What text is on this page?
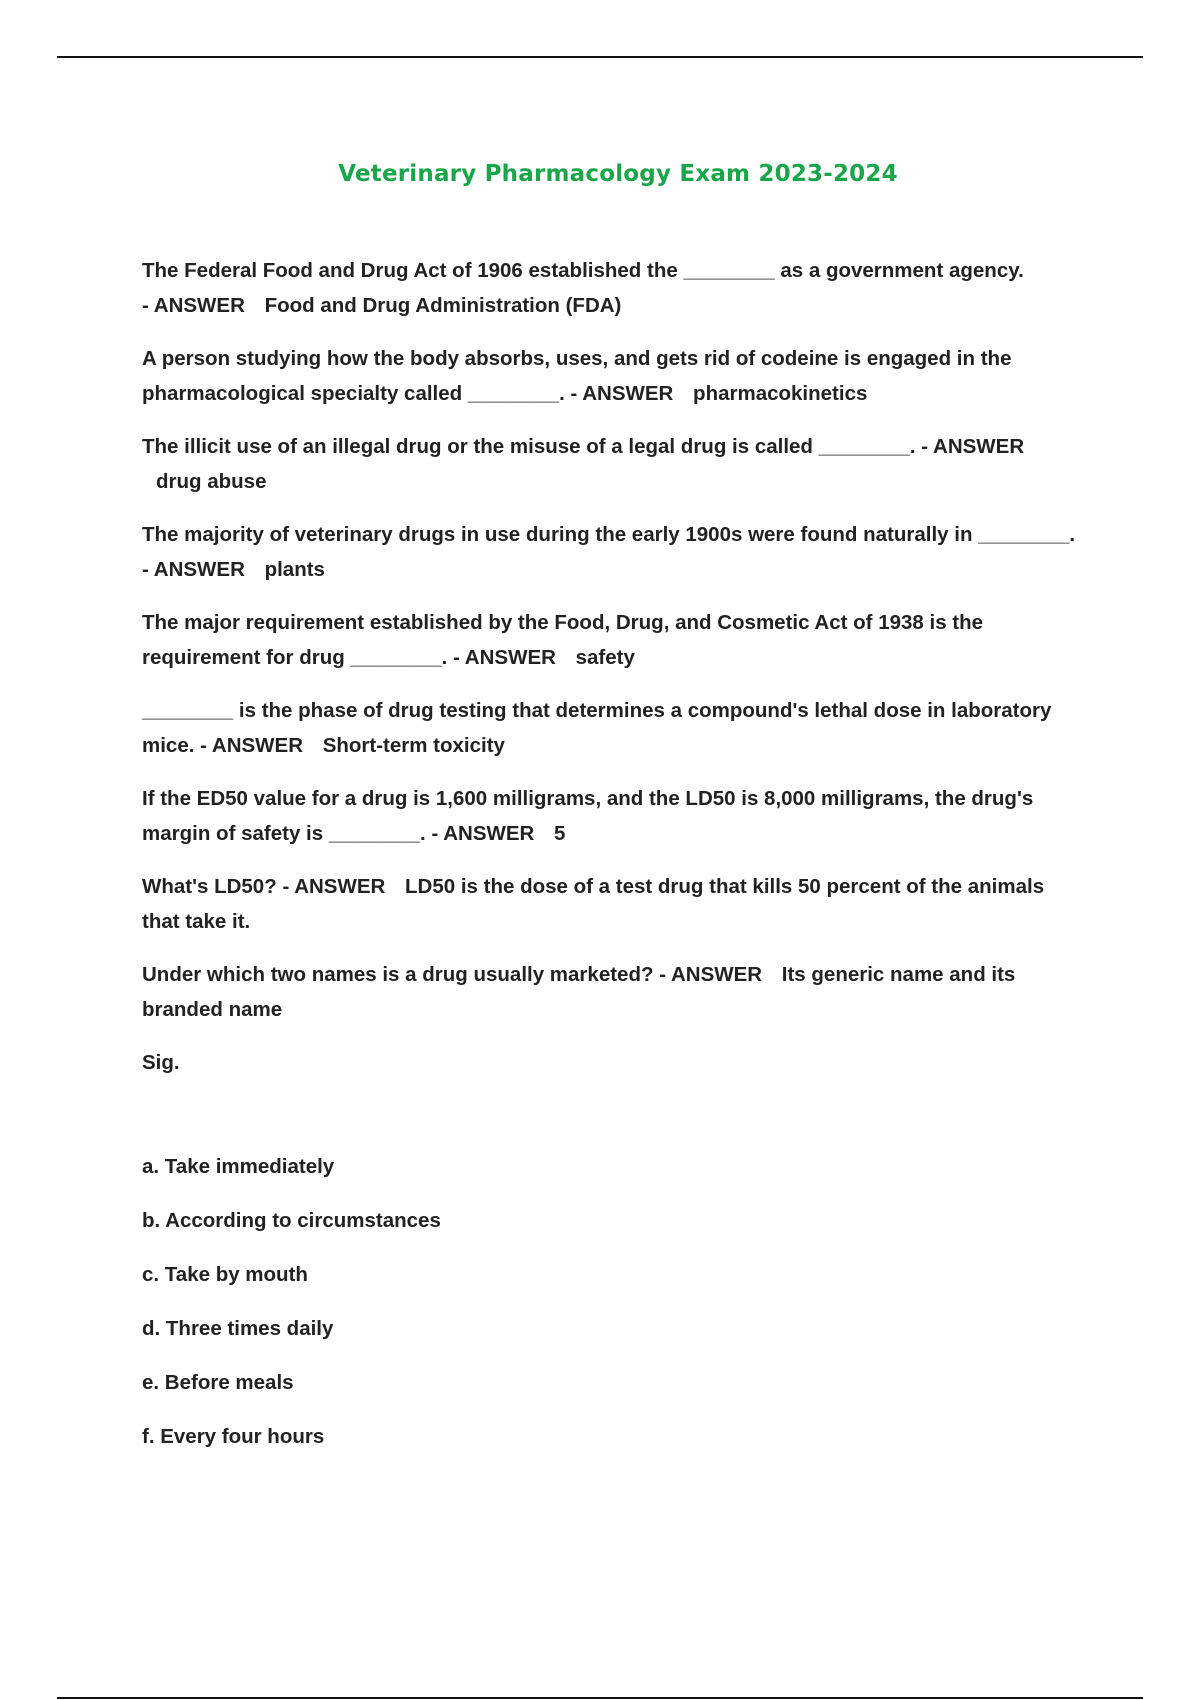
Veterinary Pharmacology Exam 2023-2024

The Federal Food and Drug Act of 1906 established the ________ as a government agency. - ANSWER Food and Drug Administration (FDA)

A person studying how the body absorbs, uses, and gets rid of codeine is engaged in the pharmacological specialty called ________. - ANSWER pharmacokinetics

The illicit use of an illegal drug or the misuse of a legal drug is called ________. - ANSWER drug abuse

The majority of veterinary drugs in use during the early 1900s were found naturally in ________. - ANSWER plants

The major requirement established by the Food, Drug, and Cosmetic Act of 1938 is the requirement for drug ________. - ANSWER safety

________ is the phase of drug testing that determines a compound's lethal dose in laboratory mice. - ANSWER Short-term toxicity

If the ED50 value for a drug is 1,600 milligrams, and the LD50 is 8,000 milligrams, the drug's margin of safety is ________. - ANSWER 5

What's LD50? - ANSWER LD50 is the dose of a test drug that kills 50 percent of the animals that take it.

Under which two names is a drug usually marketed? - ANSWER Its generic name and its branded name

Sig.

a. Take immediately
b. According to circumstances
c. Take by mouth
d. Three times daily
e. Before meals
f. Every four hours
